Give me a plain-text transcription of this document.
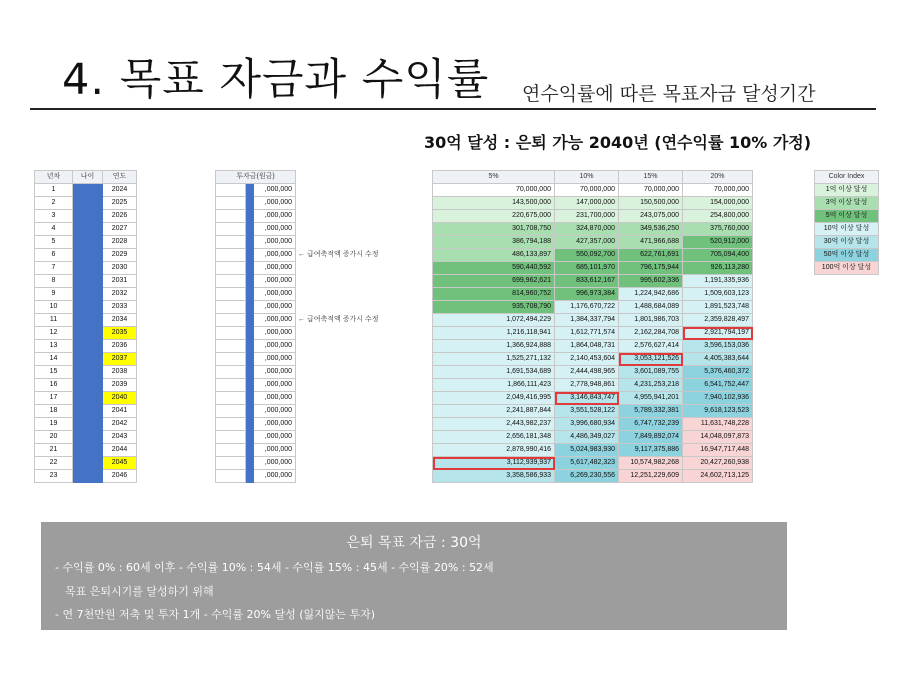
4. 목표 자금과 수익률 연수익률에 따른 목표자금 달성기간
30억 달성 : 은퇴 가능 2040년 (연수익률 10% 가정)
년차	나이	연도
1		2024
2		2025
3		2026
4		2027
5		2028
6		2029
7		2030
8		2031
9		2032
10		2033
11		2034
12		2035
13		2036
14		2037
15		2038
16		2039
17		2040
18		2041
19		2042
20		2043
21		2044
22		2045
23		2046
투자금(원금)		
		,000,000
		,000,000
		,000,000
		,000,000
		,000,000
		,000,000
		,000,000
		,000,000
		,000,000
		,000,000
		,000,000
		,000,000
		,000,000
		,000,000
		,000,000
		,000,000
		,000,000
		,000,000
		,000,000
		,000,000
		,000,000
		,000,000
		,000,000
← 급여축적액 증가시 수정
← 급여축적액 증가시 수정
5%	10%	15%	20%
70,000,000	70,000,000	70,000,000	70,000,000
143,500,000	147,000,000	150,500,000	154,000,000
220,675,000	231,700,000	243,075,000	254,800,000
301,708,750	324,870,000	349,536,250	375,760,000
386,794,188	427,357,000	471,966,688	520,912,000
486,133,897	550,092,700	622,761,691	705,094,400
590,440,592	685,101,970	796,175,944	926,113,280
699,962,621	833,612,167	995,602,336	1,191,335,936
814,960,752	996,973,384	1,224,942,686	1,509,603,123
935,708,790	1,176,670,722	1,488,684,089	1,891,523,748
1,072,494,229	1,384,337,794	1,801,986,703	2,359,828,497
1,216,118,941	1,612,771,574	2,162,284,708	2,921,794,197
1,366,924,888	1,864,048,731	2,576,627,414	3,596,153,036
1,525,271,132	2,140,453,604	3,053,121,526	4,405,383,644
1,691,534,689	2,444,498,965	3,601,089,755	5,376,460,372
1,866,111,423	2,778,948,861	4,231,253,218	6,541,752,447
2,049,416,995	3,146,843,747	4,955,941,201	7,940,102,936
2,241,887,844	3,551,528,122	5,789,332,381	9,618,123,523
2,443,982,237	3,996,680,934	6,747,732,239	11,631,748,228
2,656,181,348	4,486,349,027	7,849,892,074	14,048,097,873
2,878,990,416	5,024,983,930	9,117,375,886	16,947,717,448
3,112,939,937	5,617,482,323	10,574,982,268	20,427,260,938
3,358,586,933	6,269,230,556	12,251,229,609	24,602,713,125
Color Index
1억 이상 달성
3억 이상 달성
5억 이상 달성
10억 이상 달성
30억 이상 달성
50억 이상 달성
100억 이상 달성
은퇴 목표 자금 : 30억
- 수익률 0% : 60세 이후 - 수익률 10% : 54세 - 수익률 15% : 45세 - 수익률 20% : 52세
목표 은퇴시기를 달성하기 위해
- 연 7천만원 저축 및 투자 1개 - 수익률 20% 달성 (잃지않는 투자)
